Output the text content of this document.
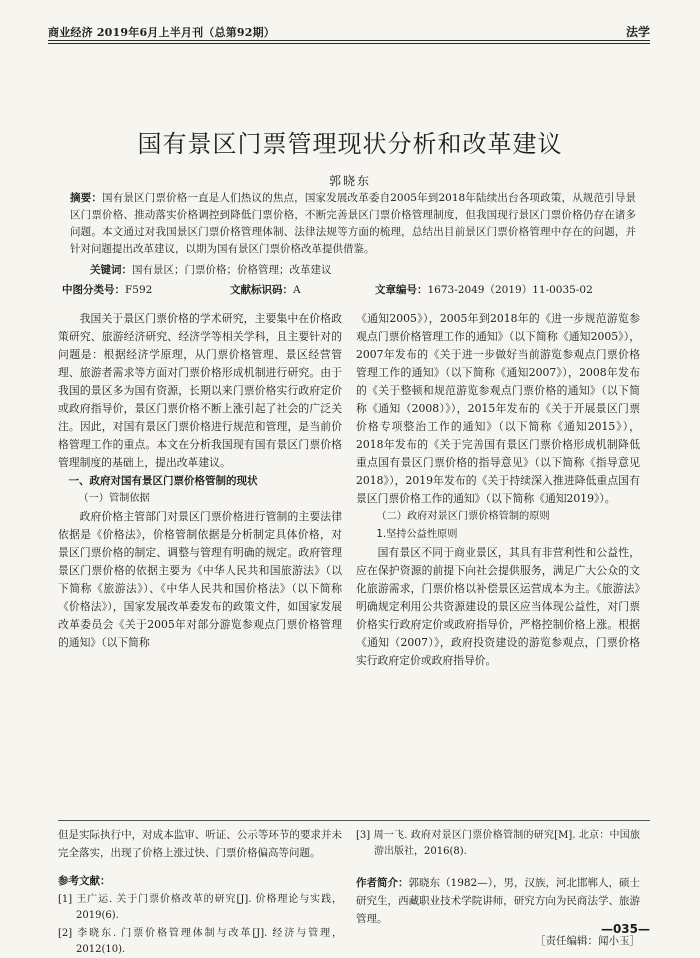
商业经济 2019年6月上半月刊（总第92期）	法学
国有景区门票管理现状分析和改革建议
郭晓东
摘要：国有景区门票价格一直是人们热议的焦点，国家发展改革委自2005年到2018年陆续出台各项政策，从规范引导景区门票价格、推动落实价格调控到降低门票价格，不断完善景区门票价格管理制度，但我国现行景区门票价格仍存在诸多问题。本文通过对我国景区门票价格管理体制、法律法规等方面的梳理，总结出目前景区门票价格管理中存在的问题，并针对问题提出改革建议，以期为国有景区门票价格改革提供借鉴。
关键词：国有景区；门票价格；价格管理；改革建议
中图分类号：F592	文献标识码：A	文章编号：1673-2049（2019）11-0035-02

我国关于景区门票价格的学术研究，主要集中在价格政策研究、旅游经济研究、经济学等相关学科，且主要针对的问题是：根据经济学原理，从门票价格管理、景区经营管理、旅游者需求等方面对门票价格形成机制进行研究。由于我国的景区多为国有资源，长期以来门票价格实行政府定价或政府指导价，景区门票价格不断上涨引起了社会的广泛关注。因此，对国有景区门票价格进行规范和管理，是当前价格管理工作的重点。本文在分析我国现有国有景区门票价格管理制度的基础上，提出改革建议。

一、政府对国有景区门票价格管制的现状

（一）管制依据

政府价格主管部门对景区门票价格进行管制的主要法律依据是《价格法》，价格管制依据是分析制定具体价格，对景区门票价格的制定、调整与管理有明确的规定。政府管理景区门票价格的依据主要为《中华人民共和国旅游法》（以下简称《旅游法》）、《中华人民共和国价格法》（以下简称《价格法》），国家发展改革委发布的政策文件，如国家发展改革委员会《关于2005年对部分游览参观点门票价格管理的通知》（以下简称

《通知2005》），2005年到2018年的《进一步规范游览参观点门票价格管理工作的通知》（以下简称《通知2005》），2007年发布的《关于进一步做好当前游览参观点门票价格管理工作的通知》（以下简称《通知2007》），2008年发布的《关于整顿和规范游览参观点门票价格的通知》（以下简称《通知（2008）》），2015年发布的《关于开展景区门票价格专项整治工作的通知》（以下简称《通知2015》），2018年发布的《关于完善国有景区门票价格形成机制降低重点国有景区门票价格的指导意见》（以下简称《指导意见2018》），2019年发布的《关于持续深入推进降低重点国有景区门票价格工作的通知》（以下简称《通知2019》）。

（二）政府对景区门票价格管制的原则

1.坚持公益性原则

国有景区不同于商业景区，其具有非营利性和公益性，应在保护资源的前提下向社会提供服务，满足广大公众的文化旅游需求，门票价格以补偿景区运营成本为主。《旅游法》明确规定利用公共资源建设的景区应当体现公益性，对门票价格实行政府定价或政府指导价，严格控制价格上涨。根据《通知（2007）》，政府投资建设的游览参观点，门票价格实行政府定价或政府指导价。

但是实际执行中，对成本监审、听证、公示等环节的要求并未完全落实，出现了价格上涨过快、门票价格偏高等问题。

参考文献：

[1] 王广运. 关于门票价格改革的研究[J]. 价格理论与实践，2019(6).

[2] 李晓东. 门票价格管理体制与改革[J]. 经济与管理，2012(10).

[3] 周一飞. 政府对景区门票价格管制的研究[M]. 北京：中国旅游出版社，2016(8).

作者简介：郭晓东（1982—），男，汉族，河北邯郸人，硕士研究生，西藏职业技术学院讲师，研究方向为民商法学、旅游管理。

［责任编辑：闻小玉］

—035—
